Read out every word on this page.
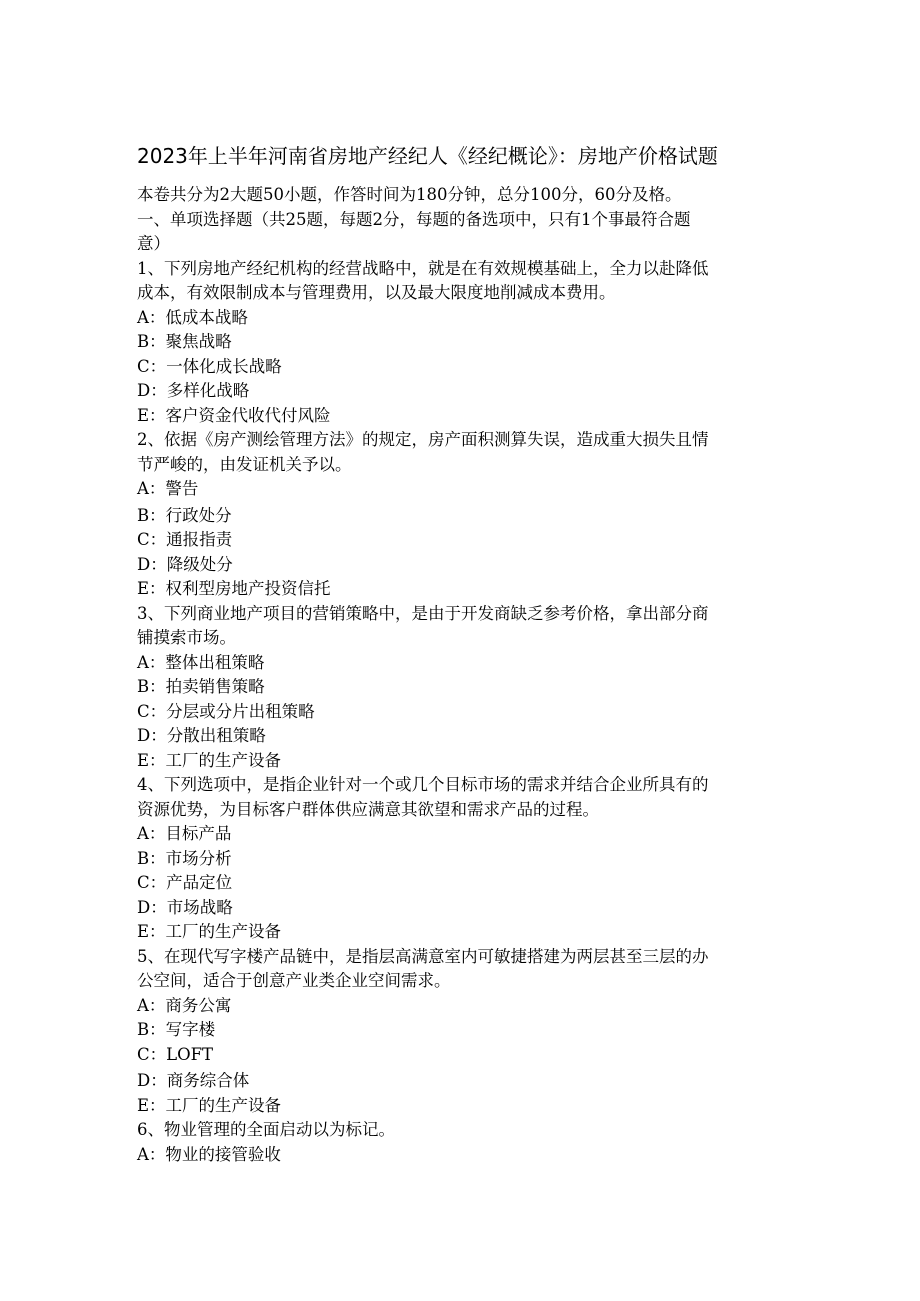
2023年上半年河南省房地产经纪人《经纪概论》：房地产价格试题

本卷共分为2大题50小题，作答时间为180分钟，总分100分，60分及格。

一、单项选择题（共25题，每题2分，每题的备选项中，只有1个事最符合题

意）

1、下列房地产经纪机构的经营战略中，就是在有效规模基础上，全力以赴降低

成本，有效限制成本与管理费用，以及最大限度地削减成本费用。

A：低成本战略

B：聚焦战略

C：一体化成长战略

D：多样化战略

E：客户资金代收代付风险

2、依据《房产测绘管理方法》的规定，房产面积测算失误，造成重大损失且情

节严峻的，由发证机关予以。

A：警告

B：行政处分

C：通报指责

D：降级处分

E：权利型房地产投资信托

3、下列商业地产项目的营销策略中，是由于开发商缺乏参考价格，拿出部分商

铺摸索市场。

A：整体出租策略

B：拍卖销售策略

C：分层或分片出租策略

D：分散出租策略

E：工厂的生产设备

4、下列选项中，是指企业针对一个或几个目标市场的需求并结合企业所具有的

资源优势，为目标客户群体供应满意其欲望和需求产品的过程。

A：目标产品

B：市场分析

C：产品定位

D：市场战略

E：工厂的生产设备

5、在现代写字楼产品链中，是指层高满意室内可敏捷搭建为两层甚至三层的办

公空间，适合于创意产业类企业空间需求。

A：商务公寓

B：写字楼

C：LOFT

D：商务综合体

E：工厂的生产设备

6、物业管理的全面启动以为标记。

A：物业的接管验收
